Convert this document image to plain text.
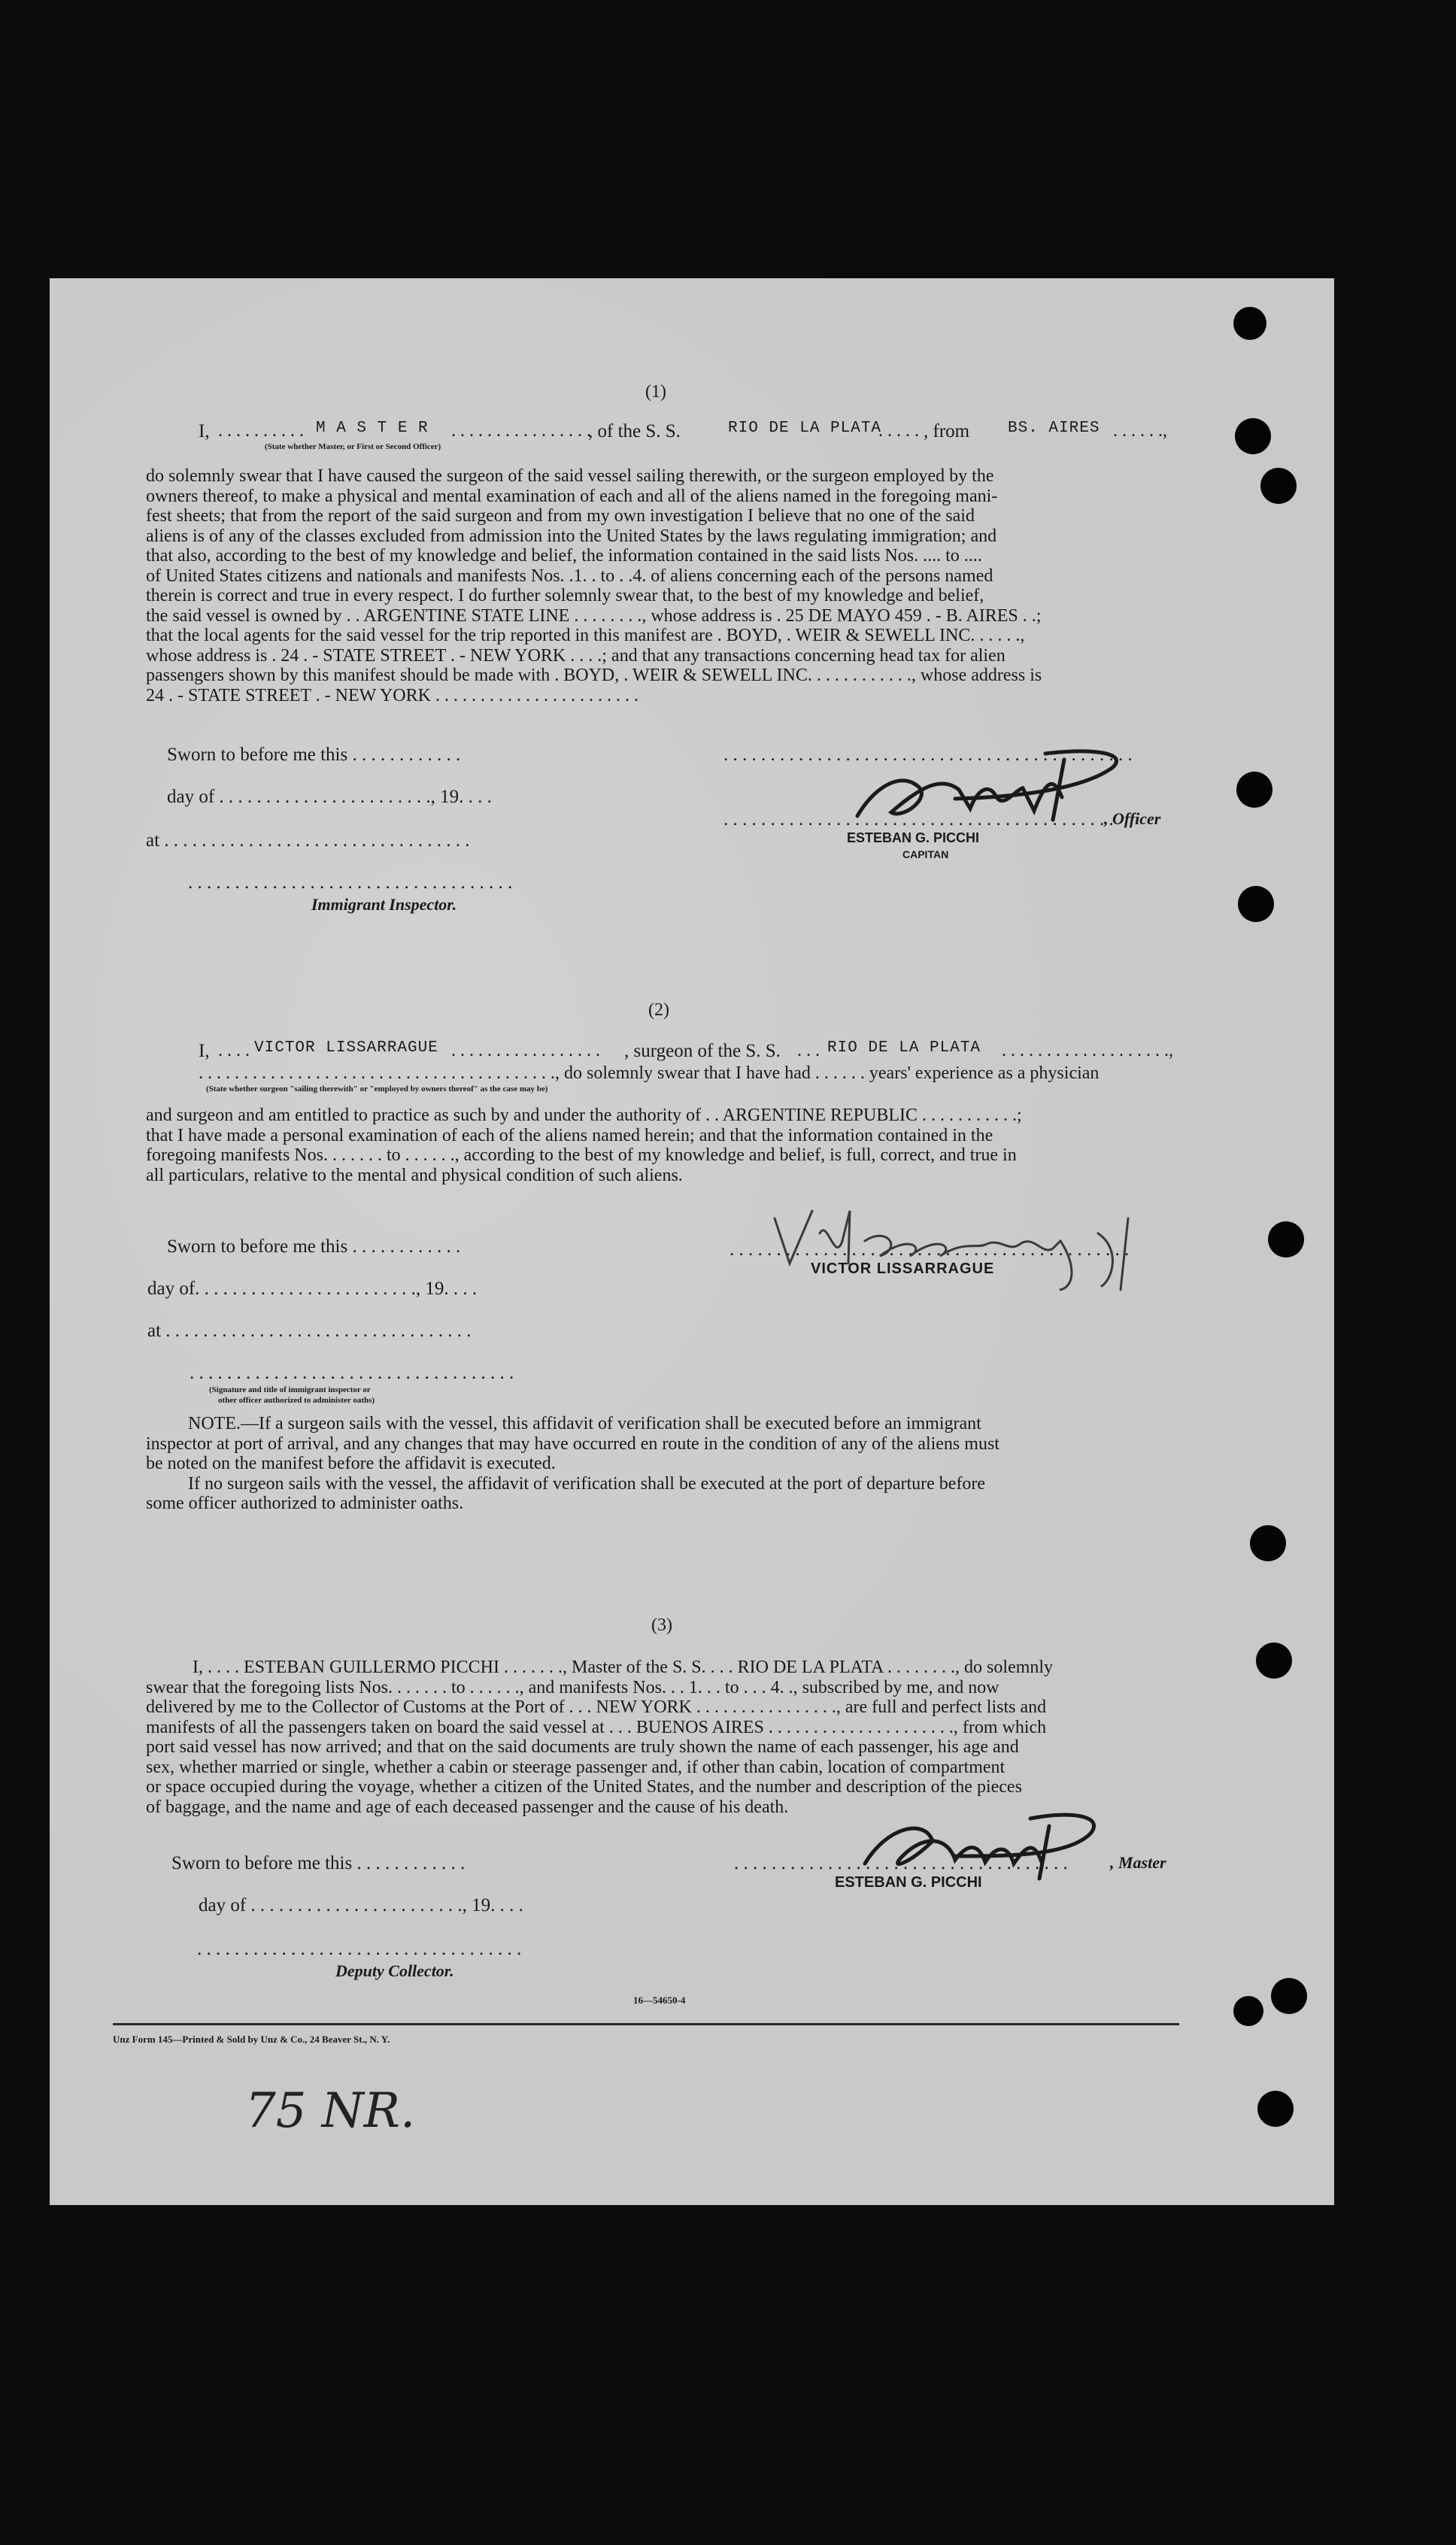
(1)
I, . . . . . . . . . . M A S T E R . . . . . . . . . . . . . . . .
, of the S. S.	RIO DE LA PLATA
. . . . . , from BS. AIRES . . . . . .,
(State whether Master, or First or Second Officer)
do solemnly swear that I have caused the surgeon of the said vessel sailing therewith, or the surgeon employed by the
owners thereof, to make a physical and mental examination of each and all of the aliens named in the foregoing mani-
fest sheets; that from the report of the said surgeon and from my own investigation I believe that no one of the said
aliens is of any of the classes excluded from admission into the United States by the laws regulating immigration; and
that also, according to the best of my knowledge and belief, the information contained in the said lists Nos. .... to ....
of United States citizens and nationals and manifests Nos. .1. . to . .4. of aliens concerning each of the persons named
therein is correct and true in every respect. I do further solemnly swear that, to the best of my knowledge and belief,
the said vessel is owned by . . ARGENTINE STATE LINE . . . . . . . ., whose address is . 25 DE MAYO 459 . - B. AIRES . .;
that the local agents for the said vessel for the trip reported in this manifest are . BOYD, . WEIR & SEWELL INC. . . . . .,
whose address is . 24 . - STATE STREET . - NEW YORK . . . .; and that any transactions concerning head tax for alien
passengers shown by this manifest should be made with . BOYD, . WEIR & SEWELL INC. . . . . . . . . . . ., whose address is
24 . - STATE STREET . - NEW YORK . . . . . . . . . . . . . . . . . . . . . . .
Sworn to before me this . . . . . . . . . . . .
day of . . . . . . . . . . . . . . . . . . . . . . ., 19. . . .
at . . . . . . . . . . . . . . . . . . . . . . . . . . . . . . . . .
. . . . . . . . . . . . . . . . . . . . . . . . . . . . . . . . . . .
Immigrant Inspector.
. . . . . . . . . . . . . . . . . . . . . . . . . . . . . . . . . . . . . . . . . . . .
. . . . . . . . . . . . . . . . . . . . . . . . . . . . . . . . . . . . . . . . . .
, Officer
ESTEBAN G. PICCHI
CAPITAN
(2)
I, . . . . VICTOR LISSARRAGUE . . . . . . . . . . . . . . . . . , surgeon of the S. S. . . . RIO DE LA PLATA . . . . . . . . . . . . . . . . . . .,
. . . . . . . . . . . . . . . . . . . . . . . . . . . . . . . . . . . . . . . ., do solemnly swear that I have had . . . . . . years' experience as a physician
(State whether surgeon "sailing therewith" or "employed by owners thereof" as the case may be)
and surgeon and am entitled to practice as such by and under the authority of . . ARGENTINE REPUBLIC . . . . . . . . . . .;
that I have made a personal examination of each of the aliens named herein; and that the information contained in the
foregoing manifests Nos. . . . . . . to . . . . . ., according to the best of my knowledge and belief, is full, correct, and true in
all particulars, relative to the mental and physical condition of such aliens.
Sworn to before me this . . . . . . . . . . . .
day of. . . . . . . . . . . . . . . . . . . . . . . ., 19. . . .
at . . . . . . . . . . . . . . . . . . . . . . . . . . . . . . . . .
. . . . . . . . . . . . . . . . . . . . . . . . . . . . . . . . . . .
(Signature and title of immigrant inspector or
other officer authorized to administer oaths)
. . . . . . . . . . . . . . . . . . . . . . . . . . . . . . . . . . . . . . . . . . .
VICTOR LISSARRAGUE
NOTE.—If a surgeon sails with the vessel, this affidavit of verification shall be executed before an immigrant
inspector at port of arrival, and any changes that may have occurred en route in the condition of any of the aliens must
be noted on the manifest before the affidavit is executed.
If no surgeon sails with the vessel, the affidavit of verification shall be executed at the port of departure before
some officer authorized to administer oaths.
(3)
I, . . . . ESTEBAN GUILLERMO PICCHI . . . . . . ., Master of the S. S. . . . RIO DE LA PLATA . . . . . . . ., do solemnly
swear that the foregoing lists Nos. . . . . . . to . . . . . ., and manifests Nos. . . 1. . . to . . . 4. ., subscribed by me, and now
delivered by me to the Collector of Customs at the Port of . . . NEW YORK . . . . . . . . . . . . . . . ., are full and perfect lists and
manifests of all the passengers taken on board the said vessel at . . . BUENOS AIRES . . . . . . . . . . . . . . . . . . . . ., from which
port said vessel has now arrived; and that on the said documents are truly shown the name of each passenger, his age and
sex, whether married or single, whether a cabin or steerage passenger and, if other than cabin, location of compartment
or space occupied during the voyage, whether a citizen of the United States, and the number and description of the pieces
of baggage, and the name and age of each deceased passenger and the cause of his death.
Sworn to before me this . . . . . . . . . . . .
day of . . . . . . . . . . . . . . . . . . . . . . ., 19. . . .
. . . . . . . . . . . . . . . . . . . . . . . . . . . . . . . . . . .
Deputy Collector.
. . . . . . . . . . . . . . . . . . . . . . . . . . . . . . . . . . . .	, Master
ESTEBAN G. PICCHI
16—54650-4
Unz Form 145—Printed & Sold by Unz & Co., 24 Beaver St., N. Y.
75 NR.
